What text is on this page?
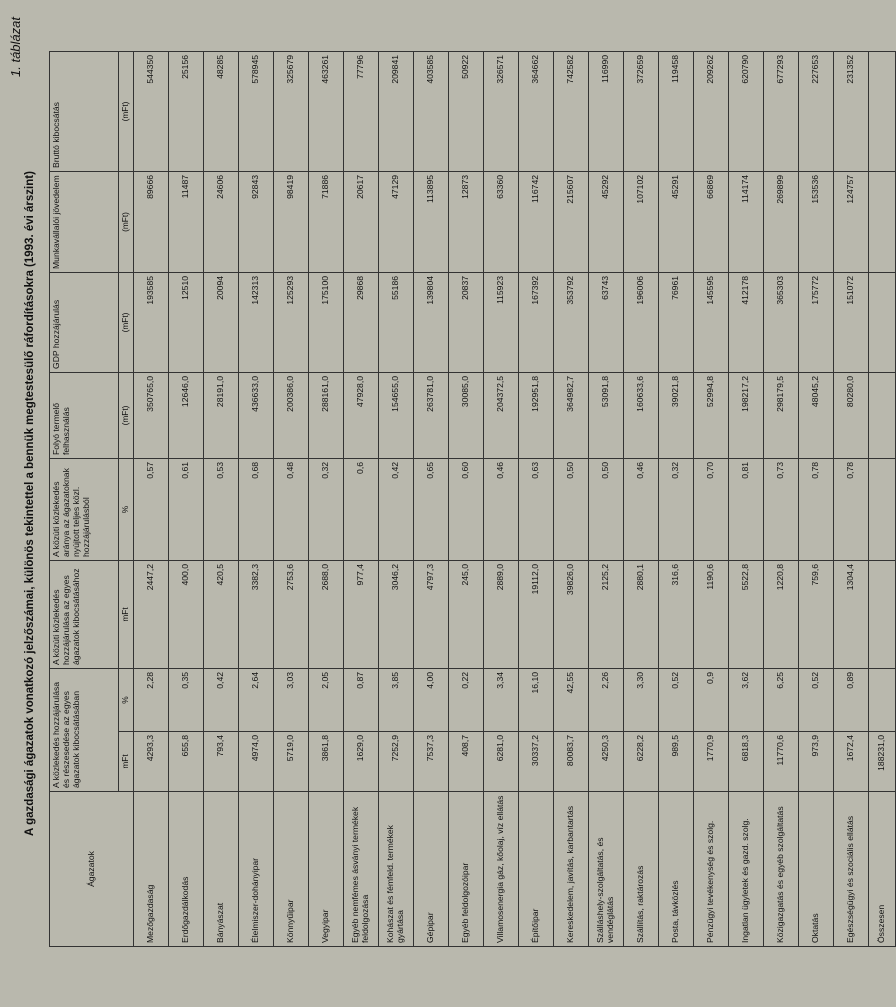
1. táblázat
A gazdasági ágazatok vonatkozó jelzőszámai, különös tekintettel a bennük megtestesülő ráfordításokra (1993. évi árszint)
Ágazatok	A közlekedés hozzájárulása és részesedése az egyes ágazatok kibocsátásában		A közúti közlekedés hozzájárulása az egyes ágazatok kibocsátásához	A közúti közlekedés aránya az ágazatoknak nyújtott teljes közl. hozzájárulásból	Folyó termelő felhasználás	GDP hozzájárulás	Munkavállalói jövedelem	Bruttó kibocsátás
	mFt	%	mFt	%	(mFt)	(mFt)	(mFt)	(mFt)
Mezőgazdaság	4293,3	2,28	2447,2	0,57	350765,0	193585	89666	544350
Erdőgazdálkodás	655,8	0,35	400,0	0,61	12646,0	12510	11487	25156
Bányászat	793,4	0,42	420,5	0,53	28191,0	20094	24606	48285
Élelmiszer-dohányipar	4974,0	2,64	3382,3	0,68	436633,0	142313	92843	578945
Könnyűipar	5719,0	3,03	2753,6	0,48	200386,0	125293	98419	325679
Vegyipar	3861,8	2,05	2688,0	0,32	288161,0	175100	71886	463261
Egyéb nemfémes ásványi termékek feldolgozása	1629,0	0,87	977,4	0,6	47928,0	29868	20617	77796
Kohászat és fémfeld. termékek gyártása	7252,9	3,85	3046,2	0,42	154655,0	55186	47129	209841
Gépipar	7537,3	4,00	4797,3	0,65	263781,0	139804	113895	403585
Egyéb feldolgozóipar	408,7	0,22	245,0	0,60	30085,0	20837	12873	50922
Villamosenergia gáz, kőolaj, víz ellátás	6281,0	3,34	2889,0	0,46	204372,5	115923	63360	326571
Építőipar	30337,2	16,10	19112,0	0,63	192951,8	167392	116742	364662
Kereskedelem, javítás, karbantartás	80083,7	42,55	39826,0	0,50	364982,7	353792	215607	742582
Szálláshely-szolgáltatás, és vendéglátás	4250,3	2,26	2125,2	0,50	53091,8	63743	45292	116990
Szállítás, raktározás	6228,2	3,30	2880,1	0,46	160633,6	196006	107102	372659
Posta, távközlés	989,5	0,52	316,6	0,32	39021,8	76961	45291	119458
Pénzügyi tevékenység és szolg.	1770,9	0,9	1190,6	0,70	52994,8	145595	66869	209262
Ingatlan ügyletek és gazd. szolg.	6818,3	3,62	5522,8	0,81	198217,2	412178	114174	620790
Közigazgatás és egyéb szolgáltatás	11770,6	6,25	1220,8	0,73	298179,5	365303	269899	677293
Oktatás	973,9	0,52	759,6	0,78	48045,2	175772	153536	227653
Egészségügyi és szociális ellátás	1672,4	0,89	1304,4	0,78	80280,0	151072	124757	231352
Összesen	188231,0							
